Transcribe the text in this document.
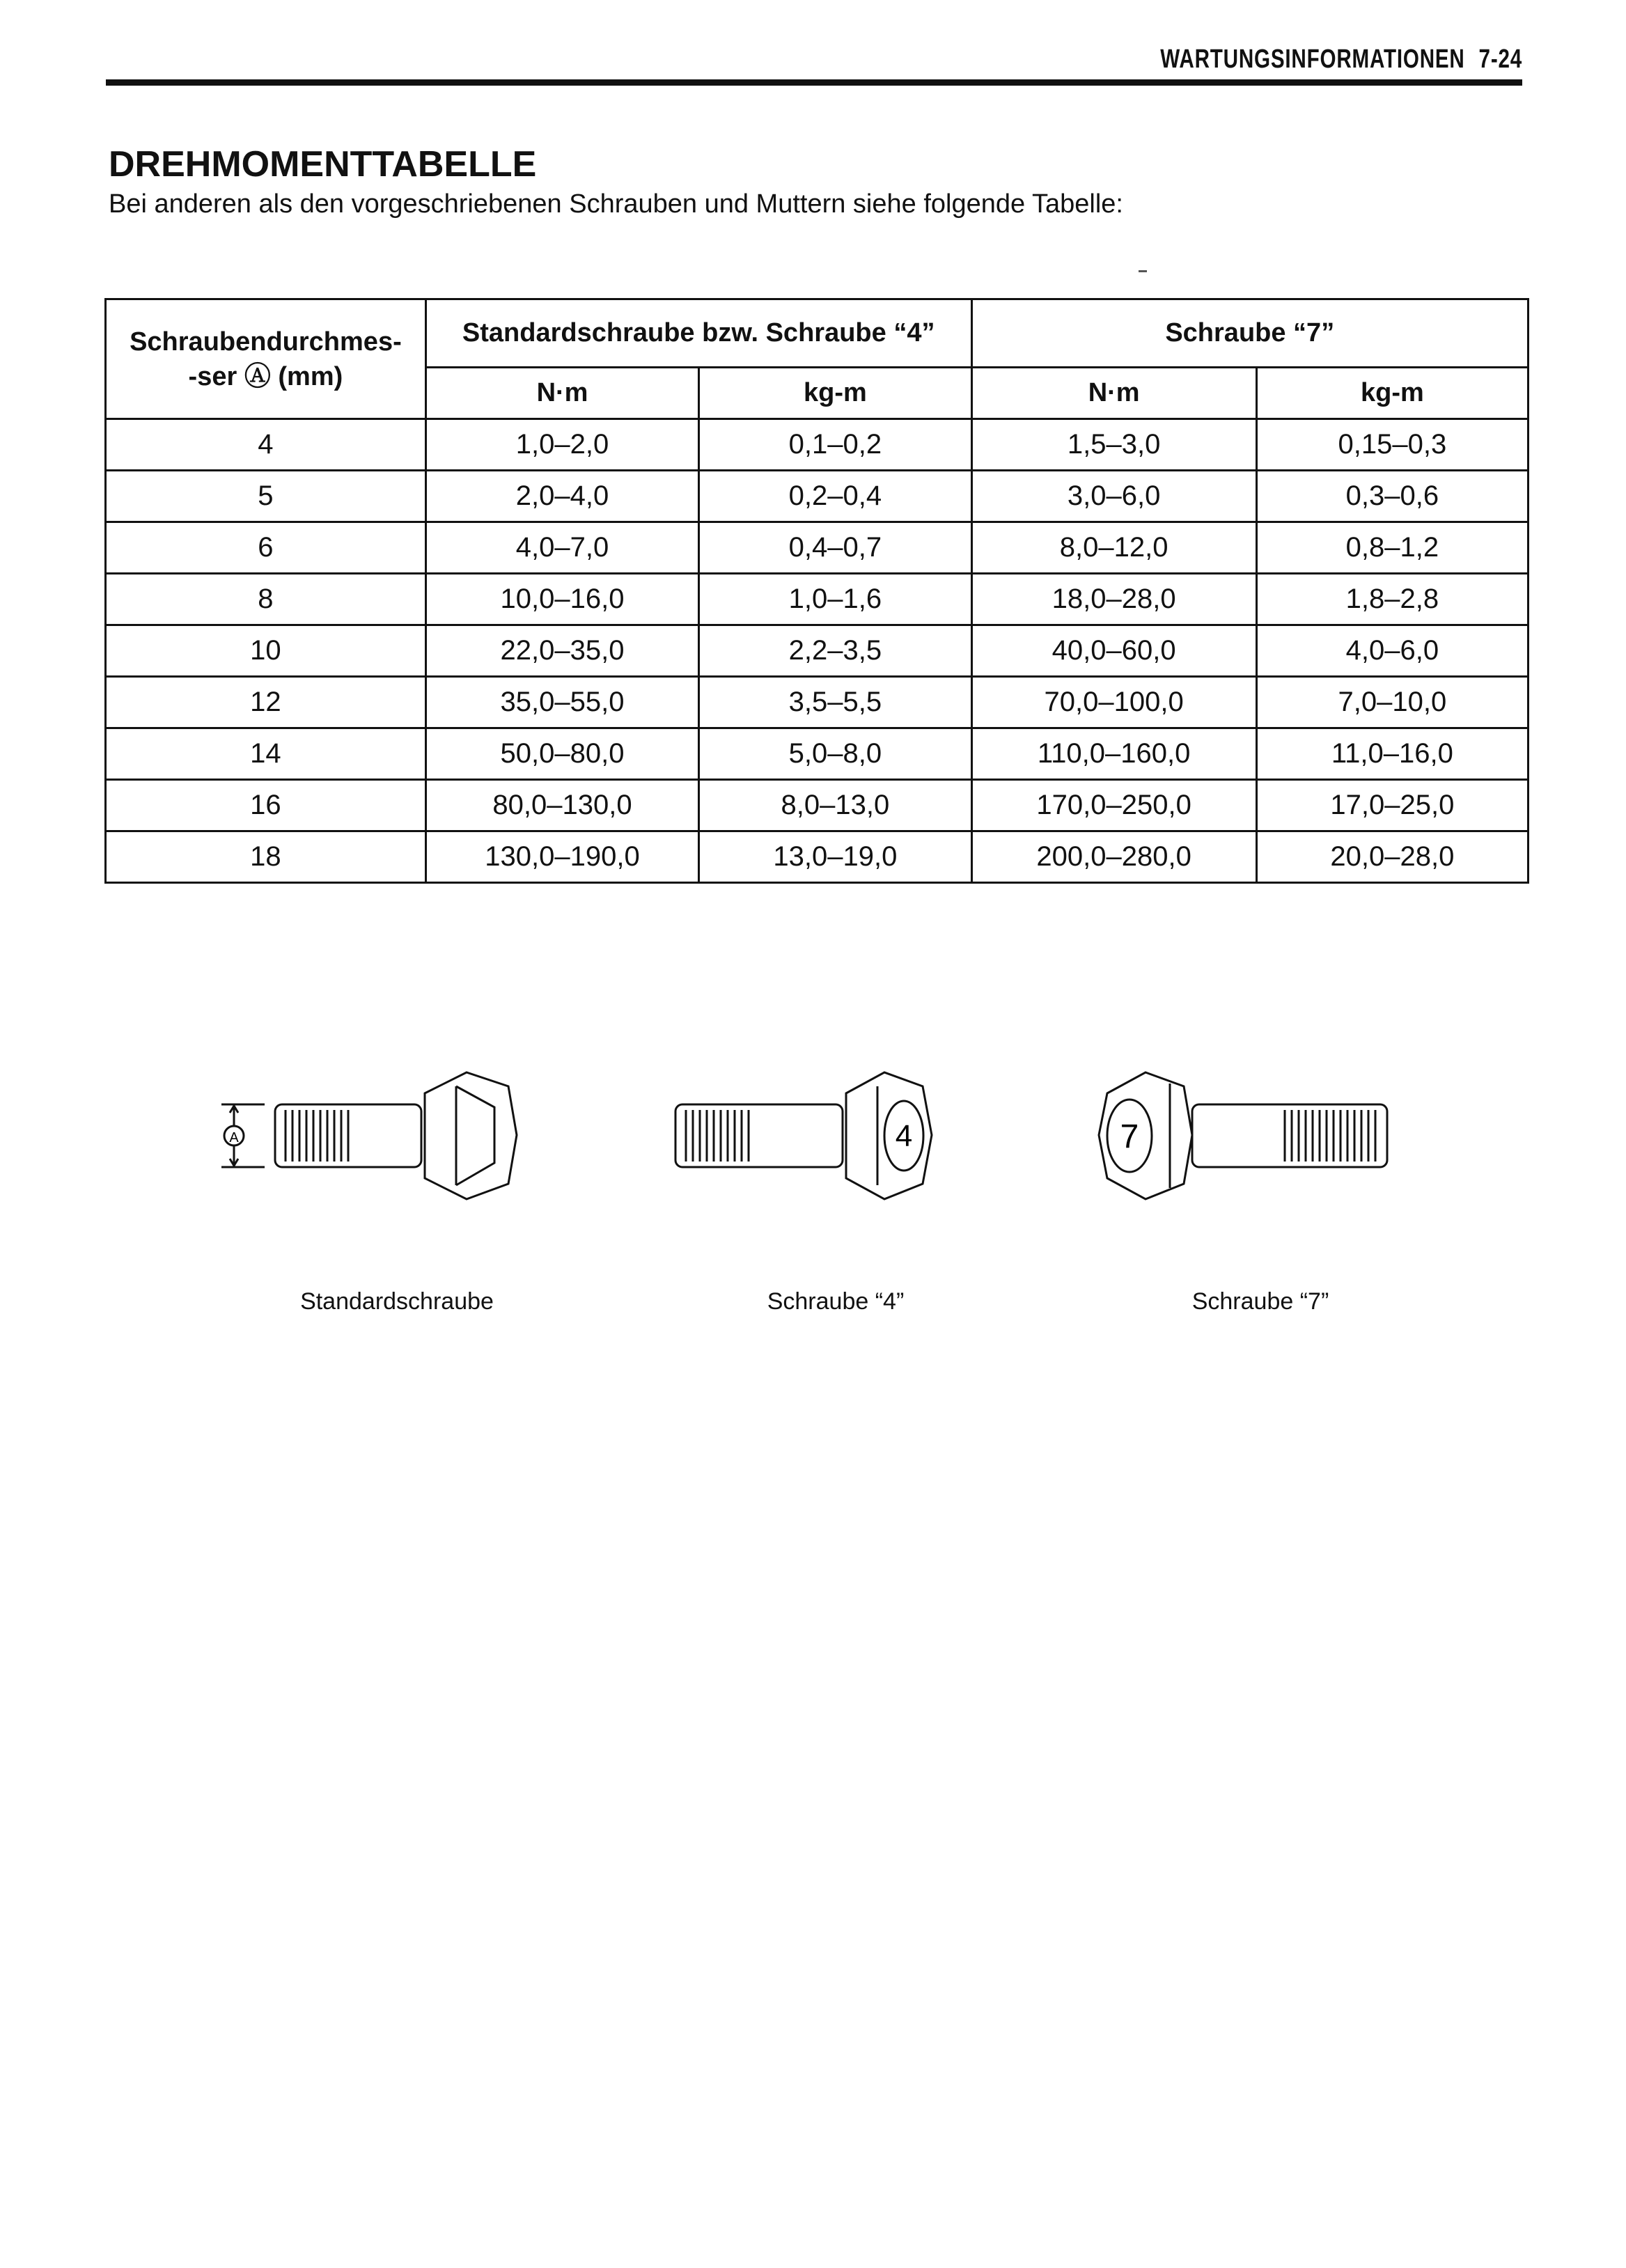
WARTUNGSINFORMATIONEN 7-24
DREHMOMENTTABELLE
Bei anderen als den vorgeschriebenen Schrauben und Muttern siehe folgende Tabelle:
Schraubendurchmes-
-ser Ⓐ (mm)	Standardschraube bzw. Schraube “4”		Schraube “7”	
	N·m	kg-m	N·m	kg-m
4	1,0–2,0	0,1–0,2	1,5–3,0	0,15–0,3
5	2,0–4,0	0,2–0,4	3,0–6,0	0,3–0,6
6	4,0–7,0	0,4–0,7	8,0–12,0	0,8–1,2
8	10,0–16,0	1,0–1,6	18,0–28,0	1,8–2,8
10	22,0–35,0	2,2–3,5	40,0–60,0	4,0–6,0
12	35,0–55,0	3,5–5,5	70,0–100,0	7,0–10,0
14	50,0–80,0	5,0–8,0	110,0–160,0	11,0–16,0
16	80,0–130,0	8,0–13,0	170,0–250,0	17,0–25,0
18	130,0–190,0	13,0–19,0	200,0–280,0	20,0–28,0
A
Standardschraube
4
Schraube “4”
7
Schraube “7”
